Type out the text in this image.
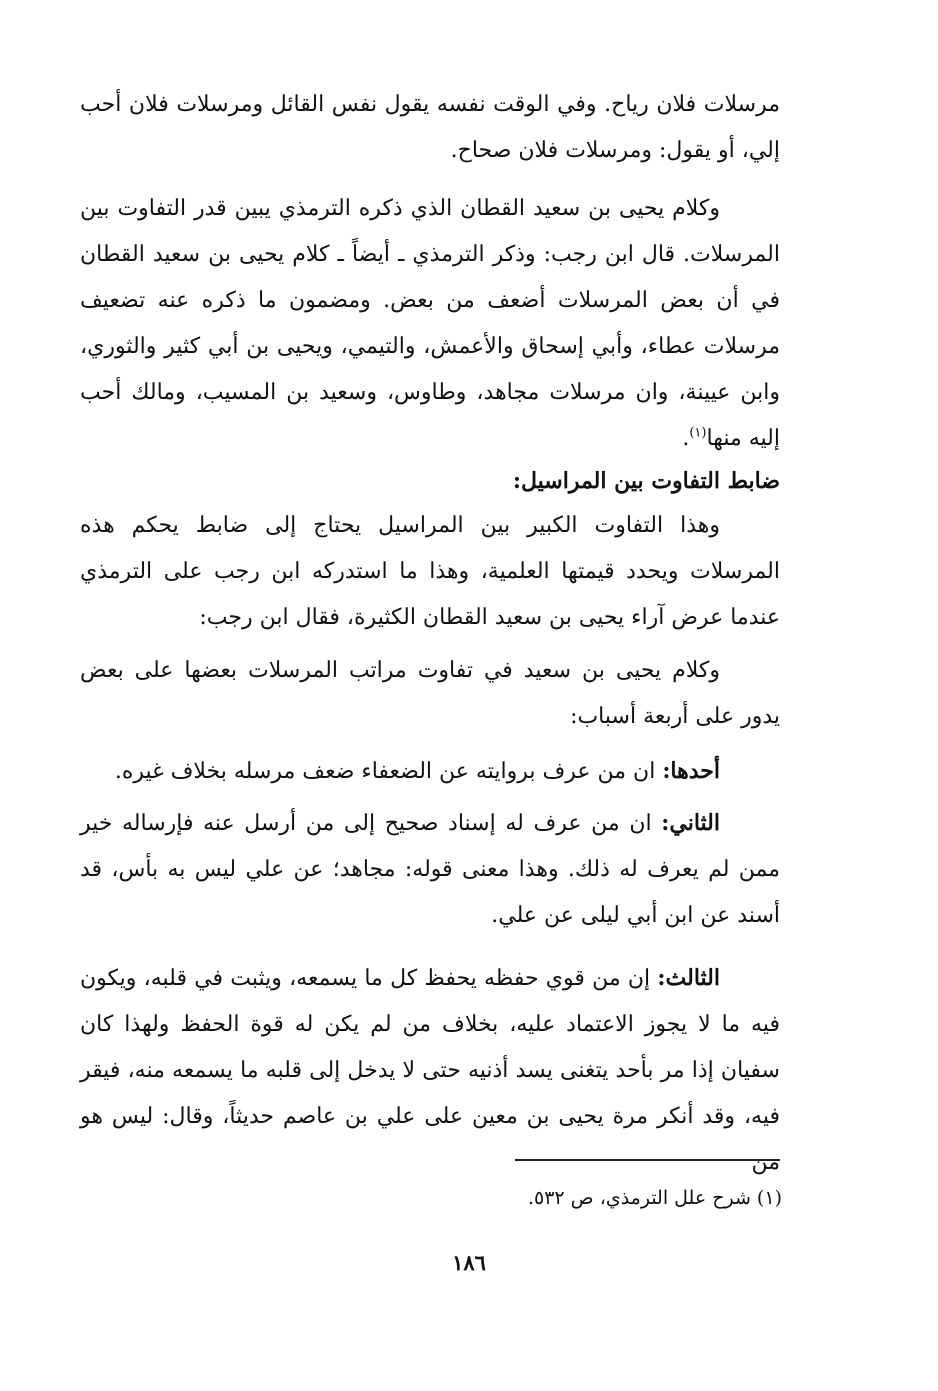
مرسلات فلان رياح. وفي الوقت نفسه يقول نفس القائل ومرسلات فلان أحب إلي، أو يقول: ومرسلات فلان صحاح.
وكلام يحيى بن سعيد القطان الذي ذكره الترمذي يبين قدر التفاوت بين المرسلات. قال ابن رجب: وذكر الترمذي ـ أيضاً ـ كلام يحيى بن سعيد القطان في أن بعض المرسلات أضعف من بعض. ومضمون ما ذكره عنه تضعيف مرسلات عطاء، وأبي إسحاق والأعمش، والتيمي، ويحيى بن أبي كثير والثوري، وابن عيينة، وان مرسلات مجاهد، وطاوس، وسعيد بن المسيب، ومالك أحب إليه منها$^{(١)}$.
ضابط التفاوت بين المراسيل:
وهذا التفاوت الكبير بين المراسيل يحتاج إلى ضابط يحكم هذه المرسلات ويحدد قيمتها العلمية، وهذا ما استدركه ابن رجب على الترمذي عندما عرض آراء يحيى بن سعيد القطان الكثيرة، فقال ابن رجب:
وكلام يحيى بن سعيد في تفاوت مراتب المرسلات بعضها على بعض يدور على أربعة أسباب:
أحدها: ان من عرف بروايته عن الضعفاء ضعف مرسله بخلاف غيره.
الثاني: ان من عرف له إسناد صحيح إلى من أرسل عنه فإرساله خير ممن لم يعرف له ذلك. وهذا معنى قوله: مجاهد؛ عن علي ليس به بأس، قد أسند عن ابن أبي ليلى عن علي.
الثالث: إن من قوي حفظه يحفظ كل ما يسمعه، ويثبت في قلبه، ويكون فيه ما لا يجوز الاعتماد عليه، بخلاف من لم يكن له قوة الحفظ ولهذا كان سفيان إذا مر بأحد يتغنى يسد أذنيه حتى لا يدخل إلى قلبه ما يسمعه منه، فيقر فيه، وقد أنكر مرة يحيى بن معين على علي بن عاصم حديثاً، وقال: ليس هو من
(١) شرح علل الترمذي، ص ٥٣٢.
١٨٦
